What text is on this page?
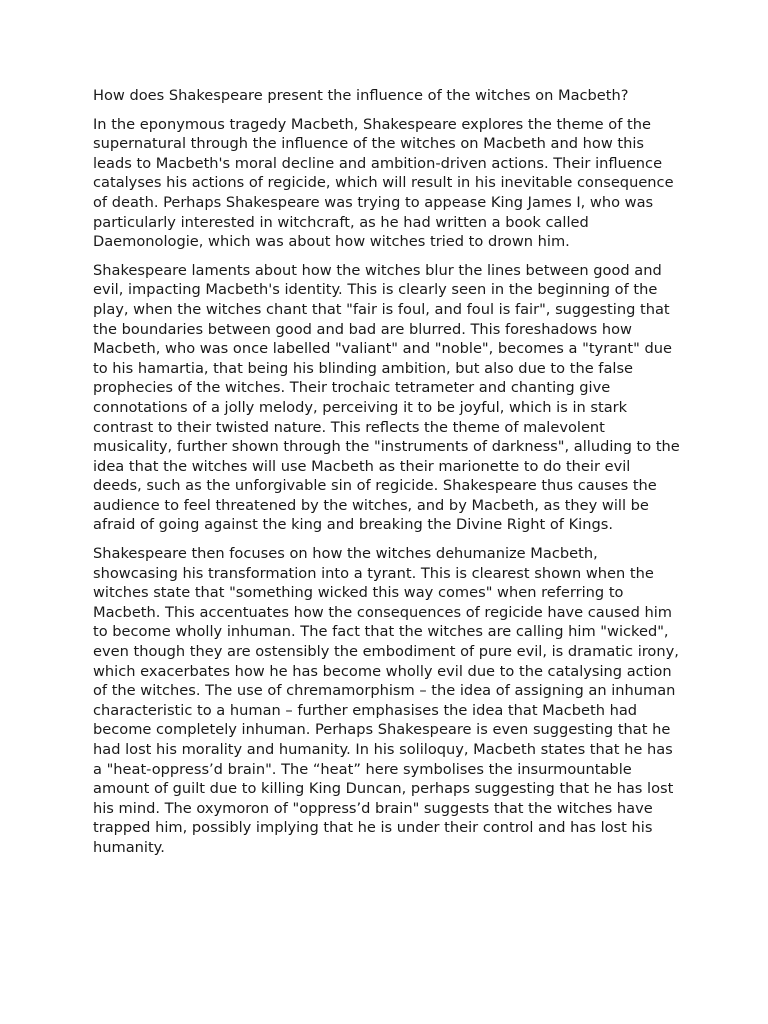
How does Shakespeare present the influence of the witches on Macbeth?

In the eponymous tragedy Macbeth, Shakespeare explores the theme of the supernatural through the influence of the witches on Macbeth and how this leads to Macbeth's moral decline and ambition-driven actions. Their influence catalyses his actions of regicide, which will result in his inevitable consequence of death. Perhaps Shakespeare was trying to appease King James I, who was particularly interested in witchcraft, as he had written a book called Daemonologie, which was about how witches tried to drown him.

Shakespeare laments about how the witches blur the lines between good and evil, impacting Macbeth's identity. This is clearly seen in the beginning of the play, when the witches chant that "fair is foul, and foul is fair", suggesting that the boundaries between good and bad are blurred. This foreshadows how Macbeth, who was once labelled "valiant" and "noble", becomes a "tyrant" due to his hamartia, that being his blinding ambition, but also due to the false prophecies of the witches. Their trochaic tetrameter and chanting give connotations of a jolly melody, perceiving it to be joyful, which is in stark contrast to their twisted nature. This reflects the theme of malevolent musicality, further shown through the "instruments of darkness", alluding to the idea that the witches will use Macbeth as their marionette to do their evil deeds, such as the unforgivable sin of regicide. Shakespeare thus causes the audience to feel threatened by the witches, and by Macbeth, as they will be afraid of going against the king and breaking the Divine Right of Kings.

Shakespeare then focuses on how the witches dehumanize Macbeth, showcasing his transformation into a tyrant. This is clearest shown when the witches state that "something wicked this way comes" when referring to Macbeth. This accentuates how the consequences of regicide have caused him to become wholly inhuman. The fact that the witches are calling him "wicked", even though they are ostensibly the embodiment of pure evil, is dramatic irony, which exacerbates how he has become wholly evil due to the catalysing action of the witches. The use of chremamorphism – the idea of assigning an inhuman characteristic to a human – further emphasises the idea that Macbeth had become completely inhuman. Perhaps Shakespeare is even suggesting that he had lost his morality and humanity. In his soliloquy, Macbeth states that he has a "heat-oppress’d brain". The “heat” here symbolises the insurmountable amount of guilt due to killing King Duncan, perhaps suggesting that he has lost his mind. The oxymoron of "oppress’d brain" suggests that the witches have trapped him, possibly implying that he is under their control and has lost his humanity.
